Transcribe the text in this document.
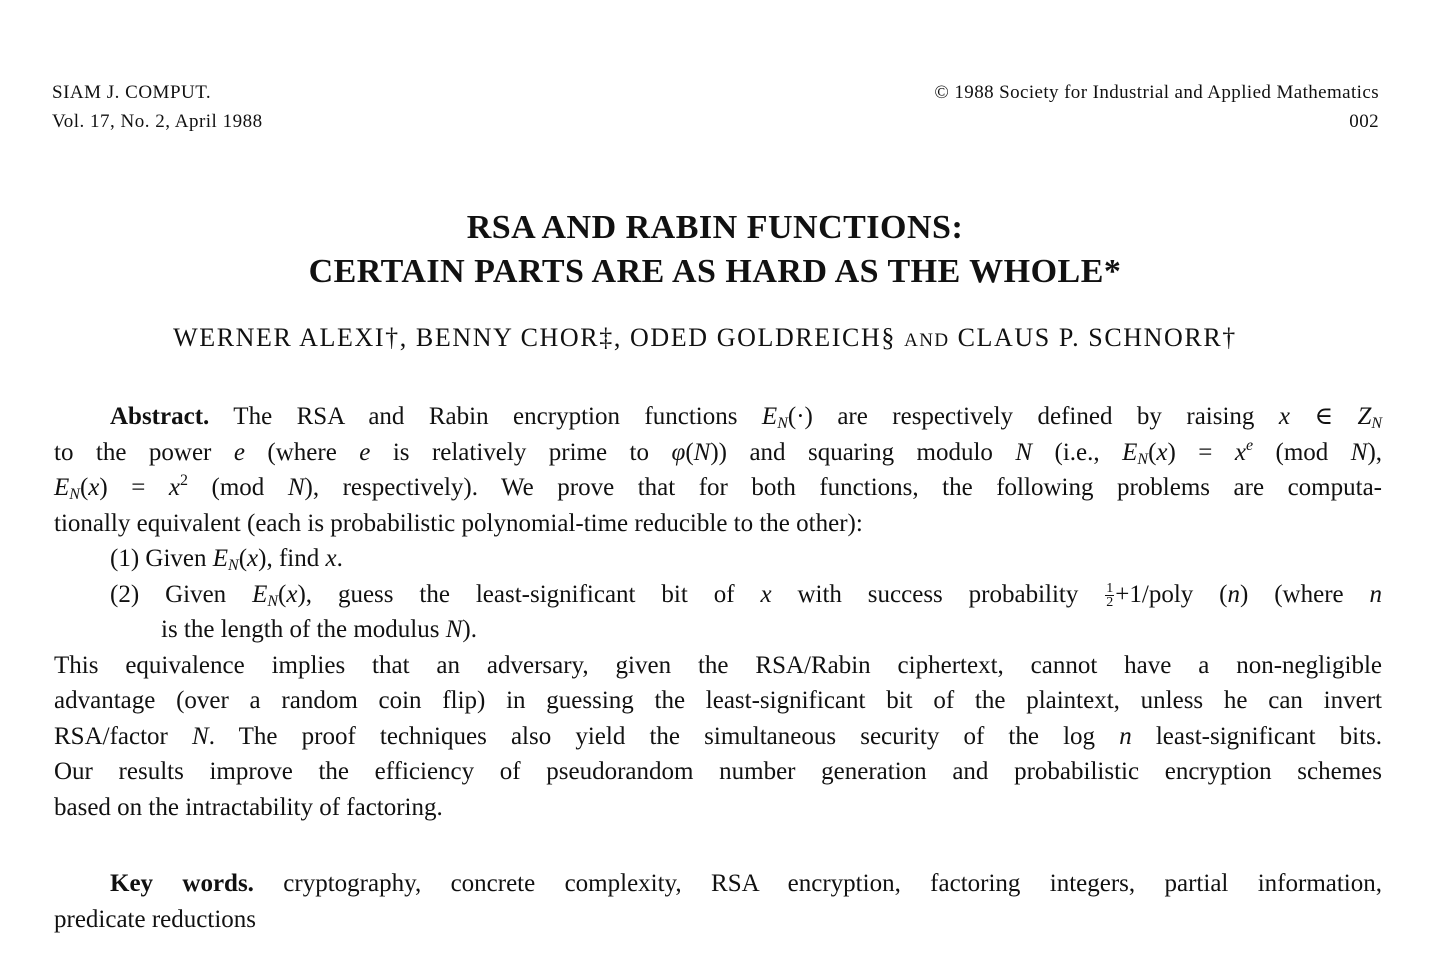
SIAM J. COMPUT.
Vol. 17, No. 2, April 1988
© 1988 Society for Industrial and Applied Mathematics
002
RSA AND RABIN FUNCTIONS:
CERTAIN PARTS ARE AS HARD AS THE WHOLE*
WERNER ALEXI†, BENNY CHOR‡, ODED GOLDREICH§ AND CLAUS P. SCHNORR†
Abstract. The RSA and Rabin encryption functions $E_N(\cdot)$ are respectively defined by raising x ∈ $Z_N$
to the power e (where e is relatively prime to φ(N)) and squaring modulo N (i.e., $E_N(x) = x^e$ (mod N),
$E_N(x) = x^2$ (mod N), respectively). We prove that for both functions, the following problems are computa-
tionally equivalent (each is probabilistic polynomial-time reducible to the other):
(1) Given $E_N(x)$, find x.
(2) Given $E_N(x)$, guess the least-significant bit of x with success probability $\frac{1}{2}$ +1/poly (n) (where n
is the length of the modulus N).
This equivalence implies that an adversary, given the RSA/Rabin ciphertext, cannot have a non-negligible
advantage (over a random coin flip) in guessing the least-significant bit of the plaintext, unless he can invert
RSA/factor N. The proof techniques also yield the simultaneous security of the log n least-significant bits.
Our results improve the efficiency of pseudorandom number generation and probabilistic encryption schemes
based on the intractability of factoring.
Key words. cryptography, concrete complexity, RSA encryption, factoring integers, partial information,
predicate reductions
